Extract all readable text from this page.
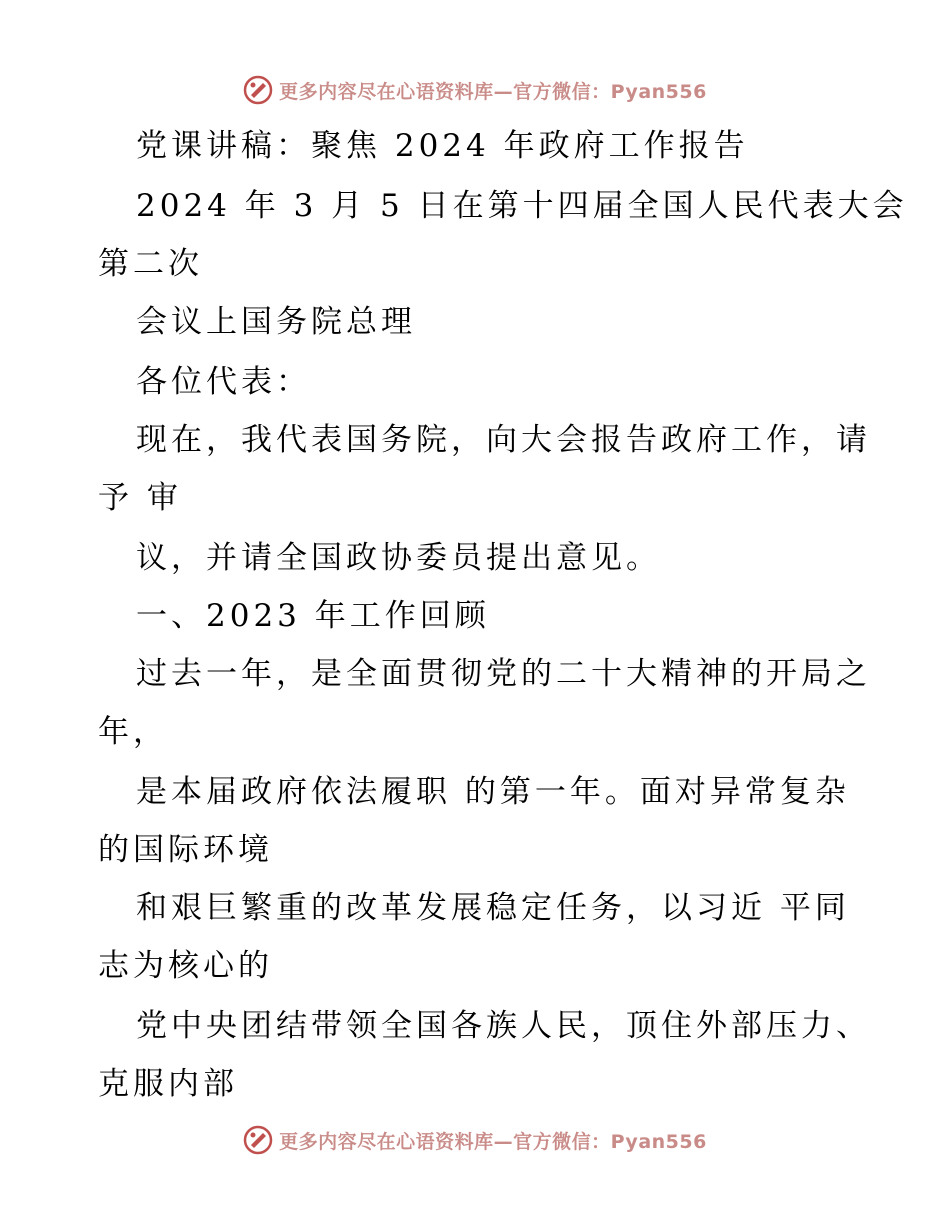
更多内容尽在心语资料库—官方微信：Pyan556
党课讲稿：聚焦 2024 年政府工作报告
2024 年 3 月 5 日在第十四届全国人民代表大会
第二次
会议上国务院总理
各位代表：
现在，我代表国务院，向大会报告政府工作，请
予 审
议，并请全国政协委员提出意见。
一、2023 年工作回顾
过去一年，是全面贯彻党的二十大精神的开局之
年，
是本届政府依法履职 的第一年。面对异常复杂
的国际环境
和艰巨繁重的改革发展稳定任务，以习近 平同
志为核心的
党中央团结带领全国各族人民，顶住外部压力、
克服内部
更多内容尽在心语资料库—官方微信：Pyan556
